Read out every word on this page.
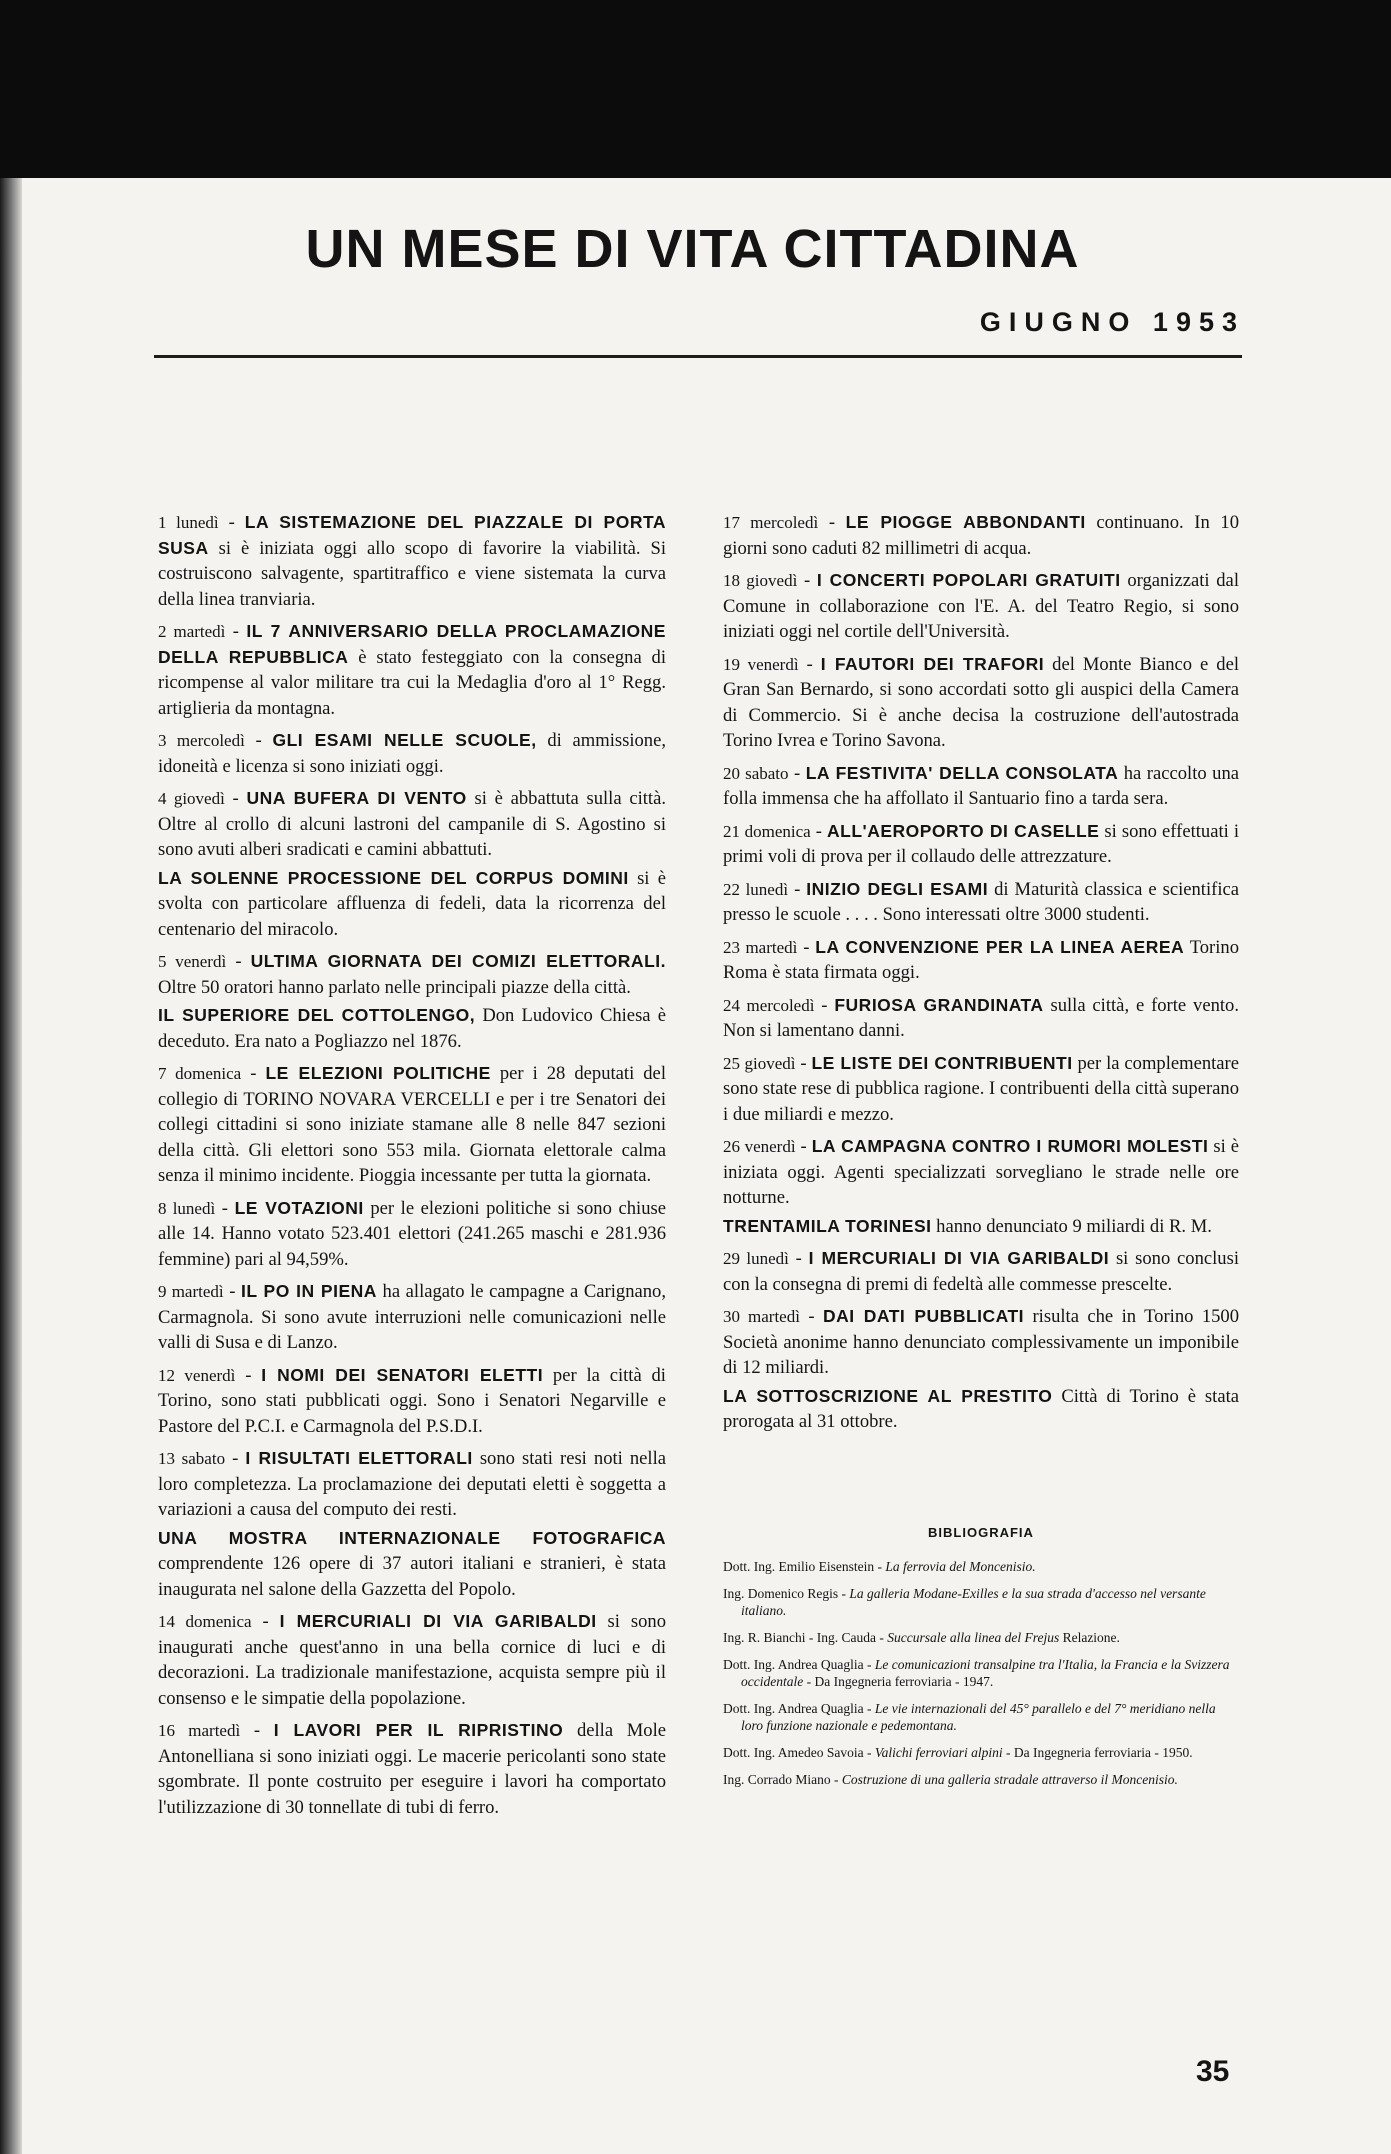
UN MESE DI VITA CITTADINA
GIUGNO 1953

1 lunedì - LA SISTEMAZIONE DEL PIAZZALE DI PORTA SUSA si è iniziata oggi allo scopo di favorire la viabilità. Si costruiscono salvagente, spartitraffico e viene sistemata la curva della linea tranviaria.

2 martedì - IL 7 ANNIVERSARIO DELLA PROCLAMAZIONE DELLA REPUBBLICA è stato festeggiato con la consegna di ricompense al valor militare tra cui la Medaglia d'oro al 1° Regg. artiglieria da montagna.

3 mercoledì - GLI ESAMI NELLE SCUOLE, di ammissione, idoneità e licenza si sono iniziati oggi.

4 giovedì - UNA BUFERA DI VENTO si è abbattuta sulla città. Oltre al crollo di alcuni lastroni del campanile di S. Agostino si sono avuti alberi sradicati e camini abbattuti.

LA SOLENNE PROCESSIONE DEL CORPUS DOMINI si è svolta con particolare affluenza di fedeli, data la ricorrenza del centenario del miracolo.

5 venerdì - ULTIMA GIORNATA DEI COMIZI ELETTORALI. Oltre 50 oratori hanno parlato nelle principali piazze della città.

IL SUPERIORE DEL COTTOLENGO, Don Ludovico Chiesa è deceduto. Era nato a Pogliazzo nel 1876.

7 domenica - LE ELEZIONI POLITICHE per i 28 deputati del collegio di TORINO NOVARA VERCELLI e per i tre Senatori dei collegi cittadini si sono iniziate stamane alle 8 nelle 847 sezioni della città. Gli elettori sono 553 mila. Giornata elettorale calma senza il minimo incidente. Pioggia incessante per tutta la giornata.

8 lunedì - LE VOTAZIONI per le elezioni politiche si sono chiuse alle 14. Hanno votato 523.401 elettori (241.265 maschi e 281.936 femmine) pari al 94,59%.

9 martedì - IL PO IN PIENA ha allagato le campagne a Carignano, Carmagnola. Si sono avute interruzioni nelle comunicazioni nelle valli di Susa e di Lanzo.

12 venerdì - I NOMI DEI SENATORI ELETTI per la città di Torino, sono stati pubblicati oggi. Sono i Senatori Negarville e Pastore del P.C.I. e Carmagnola del P.S.D.I.

13 sabato - I RISULTATI ELETTORALI sono stati resi noti nella loro completezza. La proclamazione dei deputati eletti è soggetta a variazioni a causa del computo dei resti.

UNA MOSTRA INTERNAZIONALE FOTOGRAFICA comprendente 126 opere di 37 autori italiani e stranieri, è stata inaugurata nel salone della Gazzetta del Popolo.

14 domenica - I MERCURIALI DI VIA GARIBALDI si sono inaugurati anche quest'anno in una bella cornice di luci e di decorazioni. La tradizionale manifestazione, acquista sempre più il consenso e le simpatie della popolazione.

16 martedì - I LAVORI PER IL RIPRISTINO della Mole Antonelliana si sono iniziati oggi. Le macerie pericolanti sono state sgombrate. Il ponte costruito per eseguire i lavori ha comportato l'utilizzazione di 30 tonnellate di tubi di ferro.

17 mercoledì - LE PIOGGE ABBONDANTI continuano. In 10 giorni sono caduti 82 millimetri di acqua.

18 giovedì - I CONCERTI POPOLARI GRATUITI organizzati dal Comune in collaborazione con l'E. A. del Teatro Regio, si sono iniziati oggi nel cortile dell'Università.

19 venerdì - I FAUTORI DEI TRAFORI del Monte Bianco e del Gran San Bernardo, si sono accordati sotto gli auspici della Camera di Commercio. Si è anche decisa la costruzione dell'autostrada Torino Ivrea e Torino Savona.

20 sabato - LA FESTIVITA' DELLA CONSOLATA ha raccolto una folla immensa che ha affollato il Santuario fino a tarda sera.

21 domenica - ALL'AEROPORTO DI CASELLE si sono effettuati i primi voli di prova per il collaudo delle attrezzature.

22 lunedì - INIZIO DEGLI ESAMI di Maturità classica e scientifica presso le scuole . . . . Sono interessati oltre 3000 studenti.

23 martedì - LA CONVENZIONE PER LA LINEA AEREA Torino Roma è stata firmata oggi.

24 mercoledì - FURIOSA GRANDINATA sulla città, e forte vento. Non si lamentano danni.

25 giovedì - LE LISTE DEI CONTRIBUENTI per la complementare sono state rese di pubblica ragione. I contribuenti della città superano i due miliardi e mezzo.

26 venerdì - LA CAMPAGNA CONTRO I RUMORI MOLESTI si è iniziata oggi. Agenti specializzati sorvegliano le strade nelle ore notturne.

TRENTAMILA TORINESI hanno denunciato 9 miliardi di R. M.

29 lunedì - I MERCURIALI DI VIA GARIBALDI si sono conclusi con la consegna di premi di fedeltà alle commesse prescelte.

30 martedì - DAI DATI PUBBLICATI risulta che in Torino 1500 Società anonime hanno denunciato complessivamente un imponibile di 12 miliardi.

LA SOTTOSCRIZIONE AL PRESTITO Città di Torino è stata prorogata al 31 ottobre.

BIBLIOGRAFIA

Dott. Ing. Emilio Eisenstein - La ferrovia del Moncenisio.

Ing. Domenico Regis - La galleria Modane-Exilles e la sua strada d'accesso nel versante italiano.

Ing. R. Bianchi - Ing. Cauda - Succursale alla linea del Frejus Relazione.

Dott. Ing. Andrea Quaglia - Le comunicazioni transalpine tra l'Italia, la Francia e la Svizzera occidentale - Da Ingegneria ferroviaria - 1947.

Dott. Ing. Andrea Quaglia - Le vie internazionali del 45° parallelo e del 7° meridiano nella loro funzione nazionale e pedemontana.

Dott. Ing. Amedeo Savoia - Valichi ferroviari alpini - Da Ingegneria ferroviaria - 1950.

Ing. Corrado Miano - Costruzione di una galleria stradale attraverso il Moncenisio.

35
